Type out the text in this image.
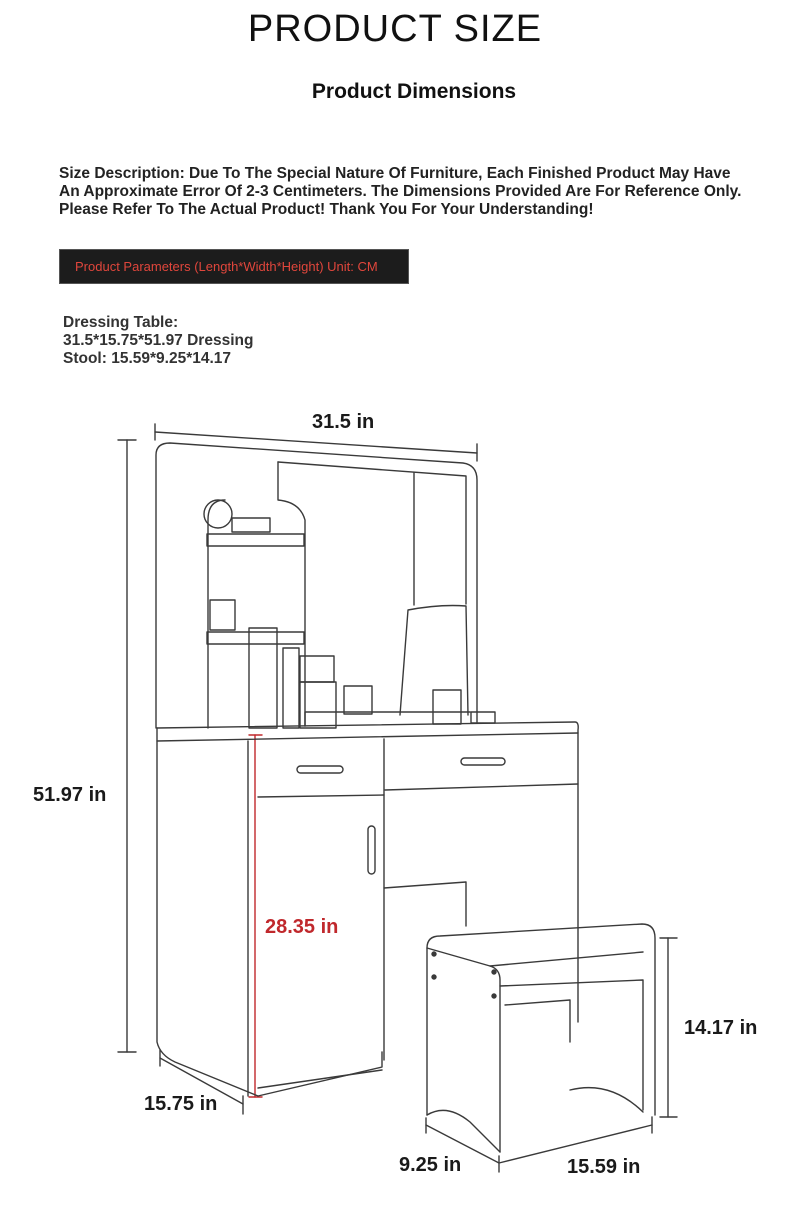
PRODUCT SIZE
Product Dimensions
Size Description: Due To The Special Nature Of Furniture, Each Finished Product May Have An Approximate Error Of 2-3 Centimeters. The Dimensions Provided Are For Reference Only. Please Refer To The Actual Product! Thank You For Your Understanding!
Product Parameters (Length*Width*Height) Unit: CM
Dressing Table:
31.5*15.75*51.97 Dressing
Stool: 15.59*9.25*14.17
31.5 in
51.97 in
28.35 in
15.75 in
14.17 in
9.25 in	15.59 in
